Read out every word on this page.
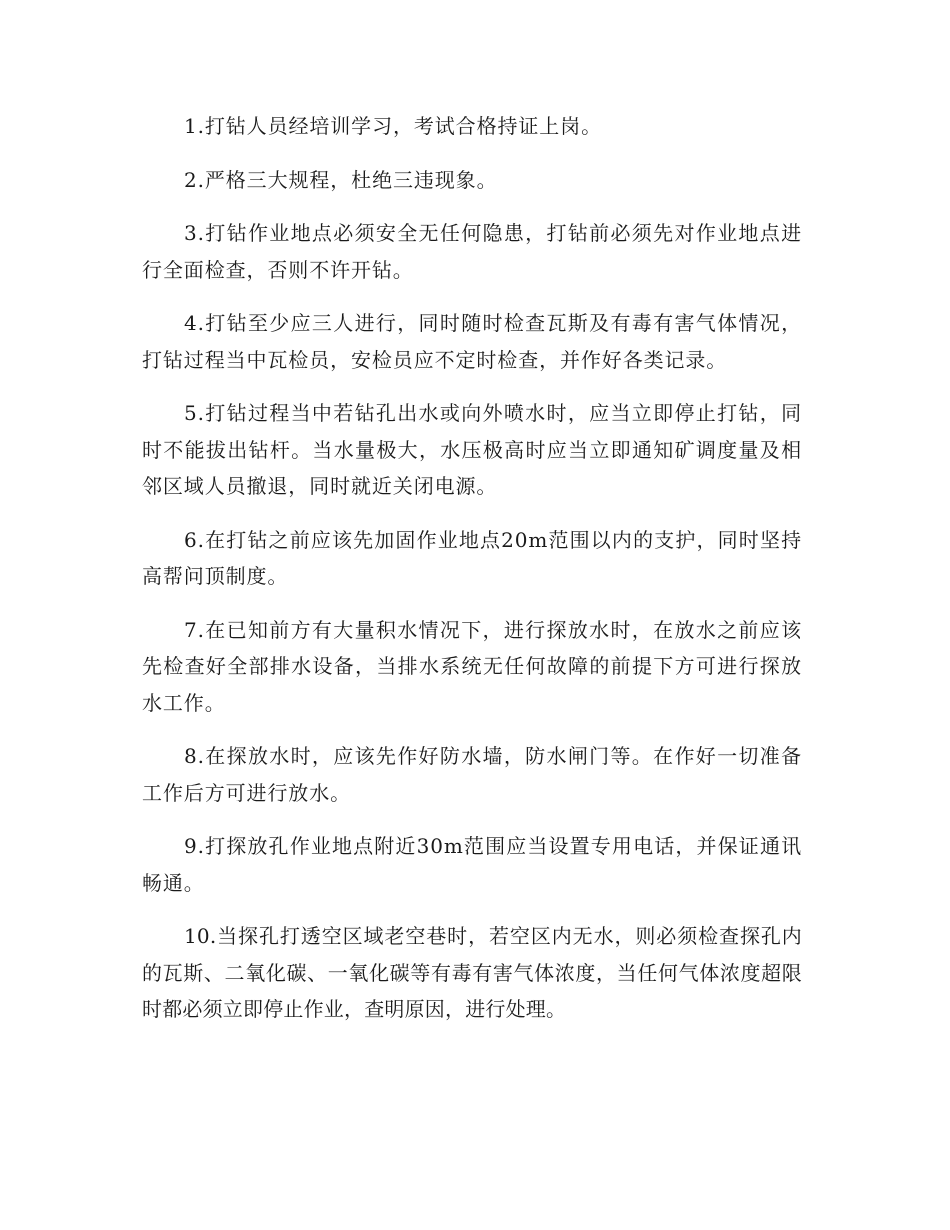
1.打钻人员经培训学习，考试合格持证上岗。

2.严格三大规程，杜绝三违现象。

3.打钻作业地点必须安全无任何隐患，打钻前必须先对作业地点进行全面检查，否则不许开钻。

4.打钻至少应三人进行，同时随时检查瓦斯及有毒有害气体情况，打钻过程当中瓦检员，安检员应不定时检查，并作好各类记录。

5.打钻过程当中若钻孔出水或向外喷水时，应当立即停止打钻，同时不能拔出钻杆。当水量极大，水压极高时应当立即通知矿调度量及相邻区域人员撤退，同时就近关闭电源。

6.在打钻之前应该先加固作业地点20m范围以内的支护，同时坚持高帮问顶制度。

7.在已知前方有大量积水情况下，进行探放水时，在放水之前应该先检查好全部排水设备，当排水系统无任何故障的前提下方可进行探放水工作。

8.在探放水时，应该先作好防水墙，防水闸门等。在作好一切准备工作后方可进行放水。

9.打探放孔作业地点附近30m范围应当设置专用电话，并保证通讯畅通。

10.当探孔打透空区域老空巷时，若空区内无水，则必须检查探孔内的瓦斯、二氧化碳、一氧化碳等有毒有害气体浓度，当任何气体浓度超限时都必须立即停止作业，查明原因，进行处理。
